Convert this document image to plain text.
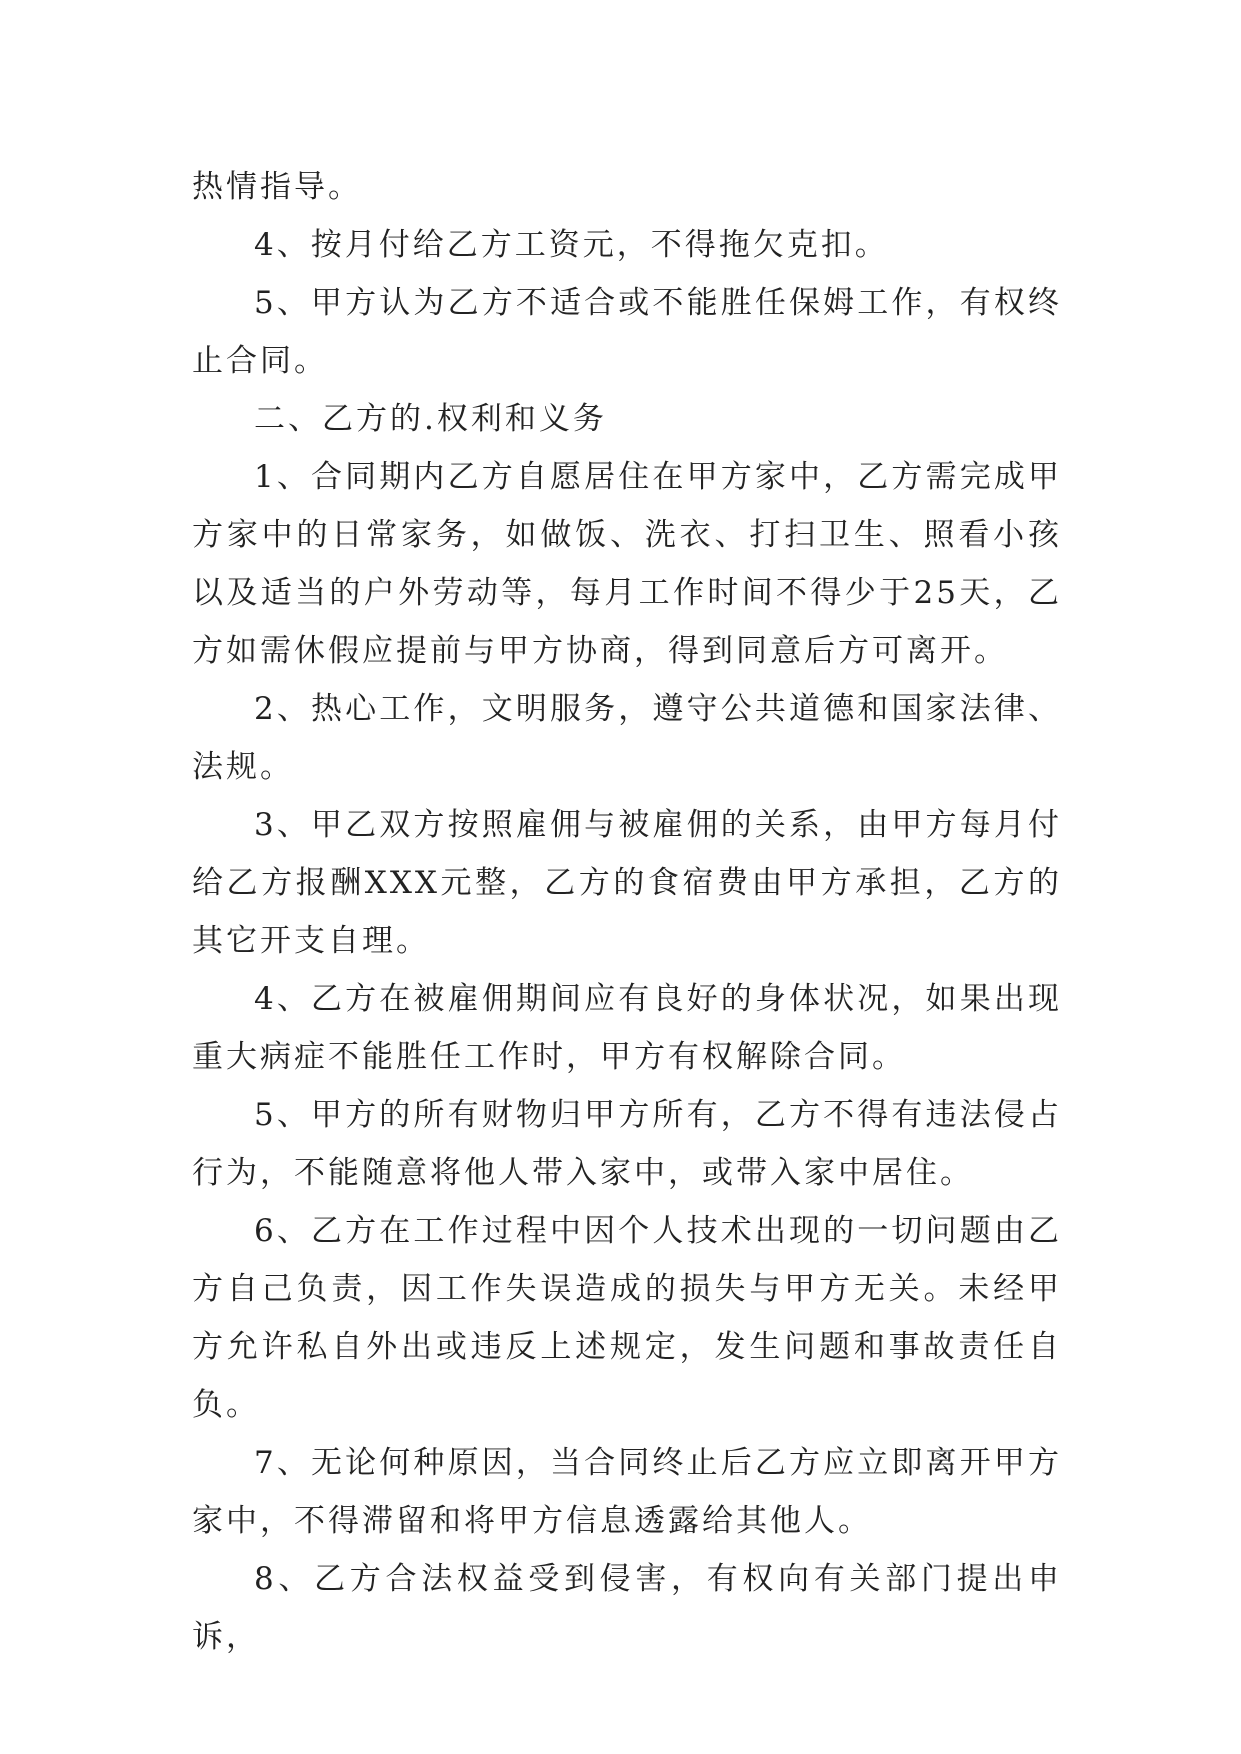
热情指导。

4、按月付给乙方工资元，不得拖欠克扣。

5、甲方认为乙方不适合或不能胜任保姆工作，有权终止合同。

二、乙方的.权利和义务

1、合同期内乙方自愿居住在甲方家中，乙方需完成甲方家中的日常家务，如做饭、洗衣、打扫卫生、照看小孩以及适当的户外劳动等，每月工作时间不得少于25天，乙方如需休假应提前与甲方协商，得到同意后方可离开。

2、热心工作，文明服务，遵守公共道德和国家法律、法规。

3、甲乙双方按照雇佣与被雇佣的关系，由甲方每月付给乙方报酬XXX元整，乙方的食宿费由甲方承担，乙方的其它开支自理。

4、乙方在被雇佣期间应有良好的身体状况，如果出现重大病症不能胜任工作时，甲方有权解除合同。

5、甲方的所有财物归甲方所有，乙方不得有违法侵占行为，不能随意将他人带入家中，或带入家中居住。

6、乙方在工作过程中因个人技术出现的一切问题由乙方自己负责，因工作失误造成的损失与甲方无关。未经甲方允许私自外出或违反上述规定，发生问题和事故责任自负。

7、无论何种原因，当合同终止后乙方应立即离开甲方家中，不得滞留和将甲方信息透露给其他人。

8、乙方合法权益受到侵害，有权向有关部门提出申诉，
